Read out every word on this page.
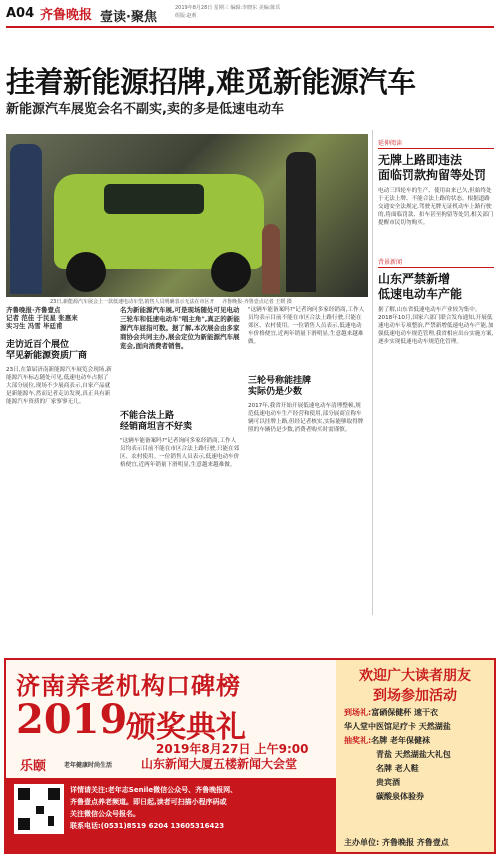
A04 齐鲁晚报 壹读·聚焦
2019年8月28日 星期三 编辑:李晓东 美编:陈乐 组版:赵莉
挂着新能源招牌,难觅新能源汽车
新能源汽车展览会名不副实,卖的多是低速电动车
23日,新能源汽车展会上一款低速电动车型,销售人员明确表示无法在市区开 齐鲁晚报·齐鲁壹点记者 王媛 摄
齐鲁晚报·齐鲁壹点
记者 范佳 于民星 张惠来
实习生 冯雪 毕廷甫
走访近百个展位
罕见新能源资质厂商
23日,在第届济南新能源汽车展览会现场,新能源汽车标志随处可见,低速电动车占据了大部分展位,现场不少展商表示,自家产品就是新能源车,然而记者走访发现,真正具有新能源汽车资质的厂家寥寥无几。
名为新能源汽车展,可是现场随处可见电动三轮车和低速电动车"唱主角",真正的新能源汽车屈指可数。据了解,本次展会由多家商协会共同主办,展会定位为新能源汽车展览会,面向消费者销售。
不能合法上路
经销商坦言不好卖
"这辆车能备案吗?"记者询问多家经销商,工作人员均表示目前不能在市区合法上路行驶,只能在郊区、农村使用。一位销售人员表示,低速电动车价格便宜,近两年销量下滑明显,生意越来越难做。
"这辆车能备案吗?"记者询问多家经销商,工作人员均表示目前不能在市区合法上路行驶,只能在郊区、农村使用。一位销售人员表示,低速电动车价格便宜,近两年销量下滑明显,生意越来越难做。
三轮号称能挂牌
实际仍是少数
2017年,我省开始开展低速电动车清理整顿,规范低速电动车生产经营和使用,部分展商宣称车辆可以挂牌上路,但经记者核实,实际能够取得牌照的车辆仍是少数,消费者购买时需谨慎。
延伸阅读
无牌上路即违法
面临罚款拘留等处罚
电动三四轮车的生产、使用由来已久,但始终处于无法上牌、不能合法上路的状态。根据道路交通安全法规定,驾驶无牌无证机动车上路行驶的,将面临罚款、扣车甚至拘留等处罚,相关部门提醒市民切勿购买。
背景新闻
山东严禁新增
低速电动车产能
据了解,山东省低速电动车产业较为集中。2018年10月,国家六部门联合发布通知,开展低速电动车专项整治,严禁新增低速电动车产能,加强低速电动车规范管理,我省相应出台实施方案,逐步实现低速电动车规范化管理。
济南养老机构口碑榜
2019
颁奖典礼
2019年8月27日 上午9:00
山东新闻大厦五楼新闻大会堂
乐颐	老年健康时尚生活
详情请关注:老年志Senile微信公众号、齐鲁晚报网、
齐鲁壹点养老频道。即日起,读者可扫描小程序码或
关注微信公众号报名。
联系电话:(0531)8519 6204 13605316423
欢迎广大读者朋友
到场参加活动
到场礼:富硒保健杯 速干衣
华人堂中医馆足疗卡 天然湖盐
抽奖礼:名牌 老年保健袜
青盐 天然湖盐大礼包
名牌 老人鞋
贵宾酒
碳酸泉体验券
主办单位: 齐鲁晚报 齐鲁壹点
